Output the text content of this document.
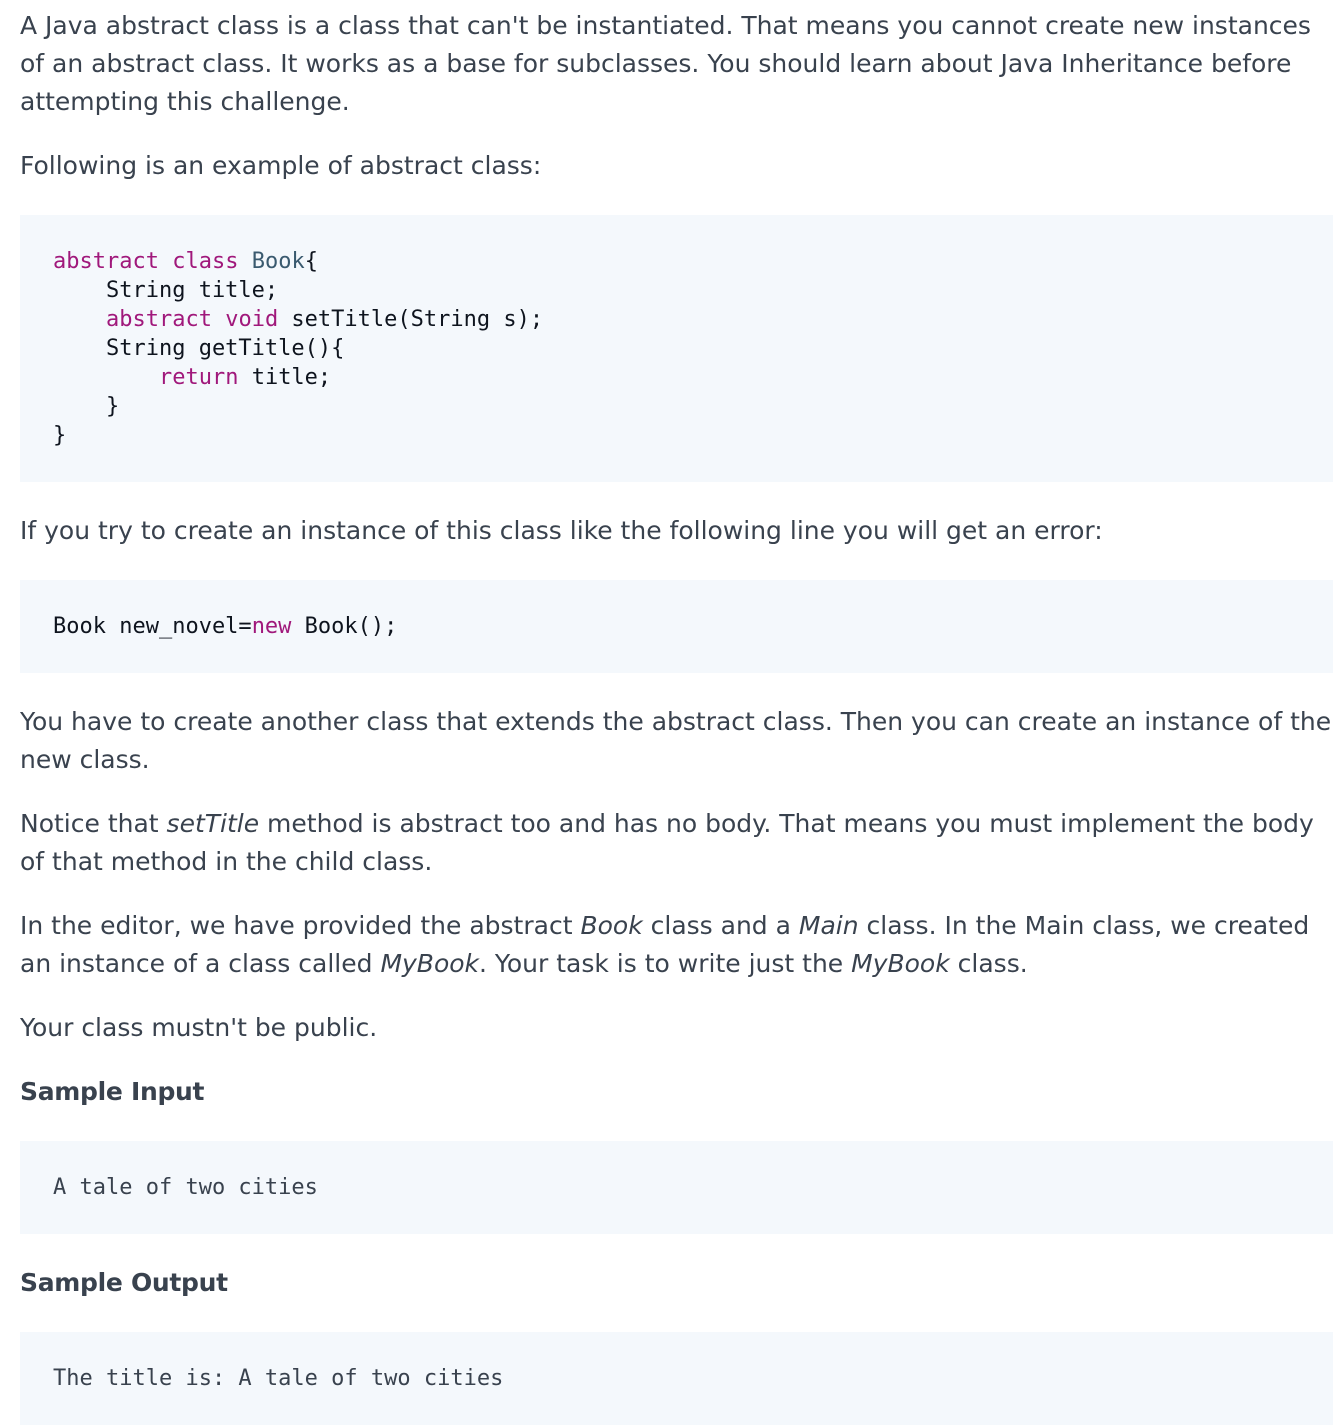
A Java abstract class is a class that can't be instantiated. That means you cannot create new instances of an abstract class. It works as a base for subclasses. You should learn about Java Inheritance before attempting this challenge.

Following is an example of abstract class:

abstract class Book{
String title;
abstract void setTitle(String s);
String getTitle(){
return title;
}
}

If you try to create an instance of this class like the following line you will get an error:

Book new_novel=new Book();

You have to create another class that extends the abstract class. Then you can create an instance of the new class.

Notice that setTitle method is abstract too and has no body. That means you must implement the body of that method in the child class.

In the editor, we have provided the abstract Book class and a Main class. In the Main class, we created an instance of a class called MyBook. Your task is to write just the MyBook class.

Your class mustn't be public.

Sample Input
A tale of two cities
Sample Output
The title is: A tale of two cities
